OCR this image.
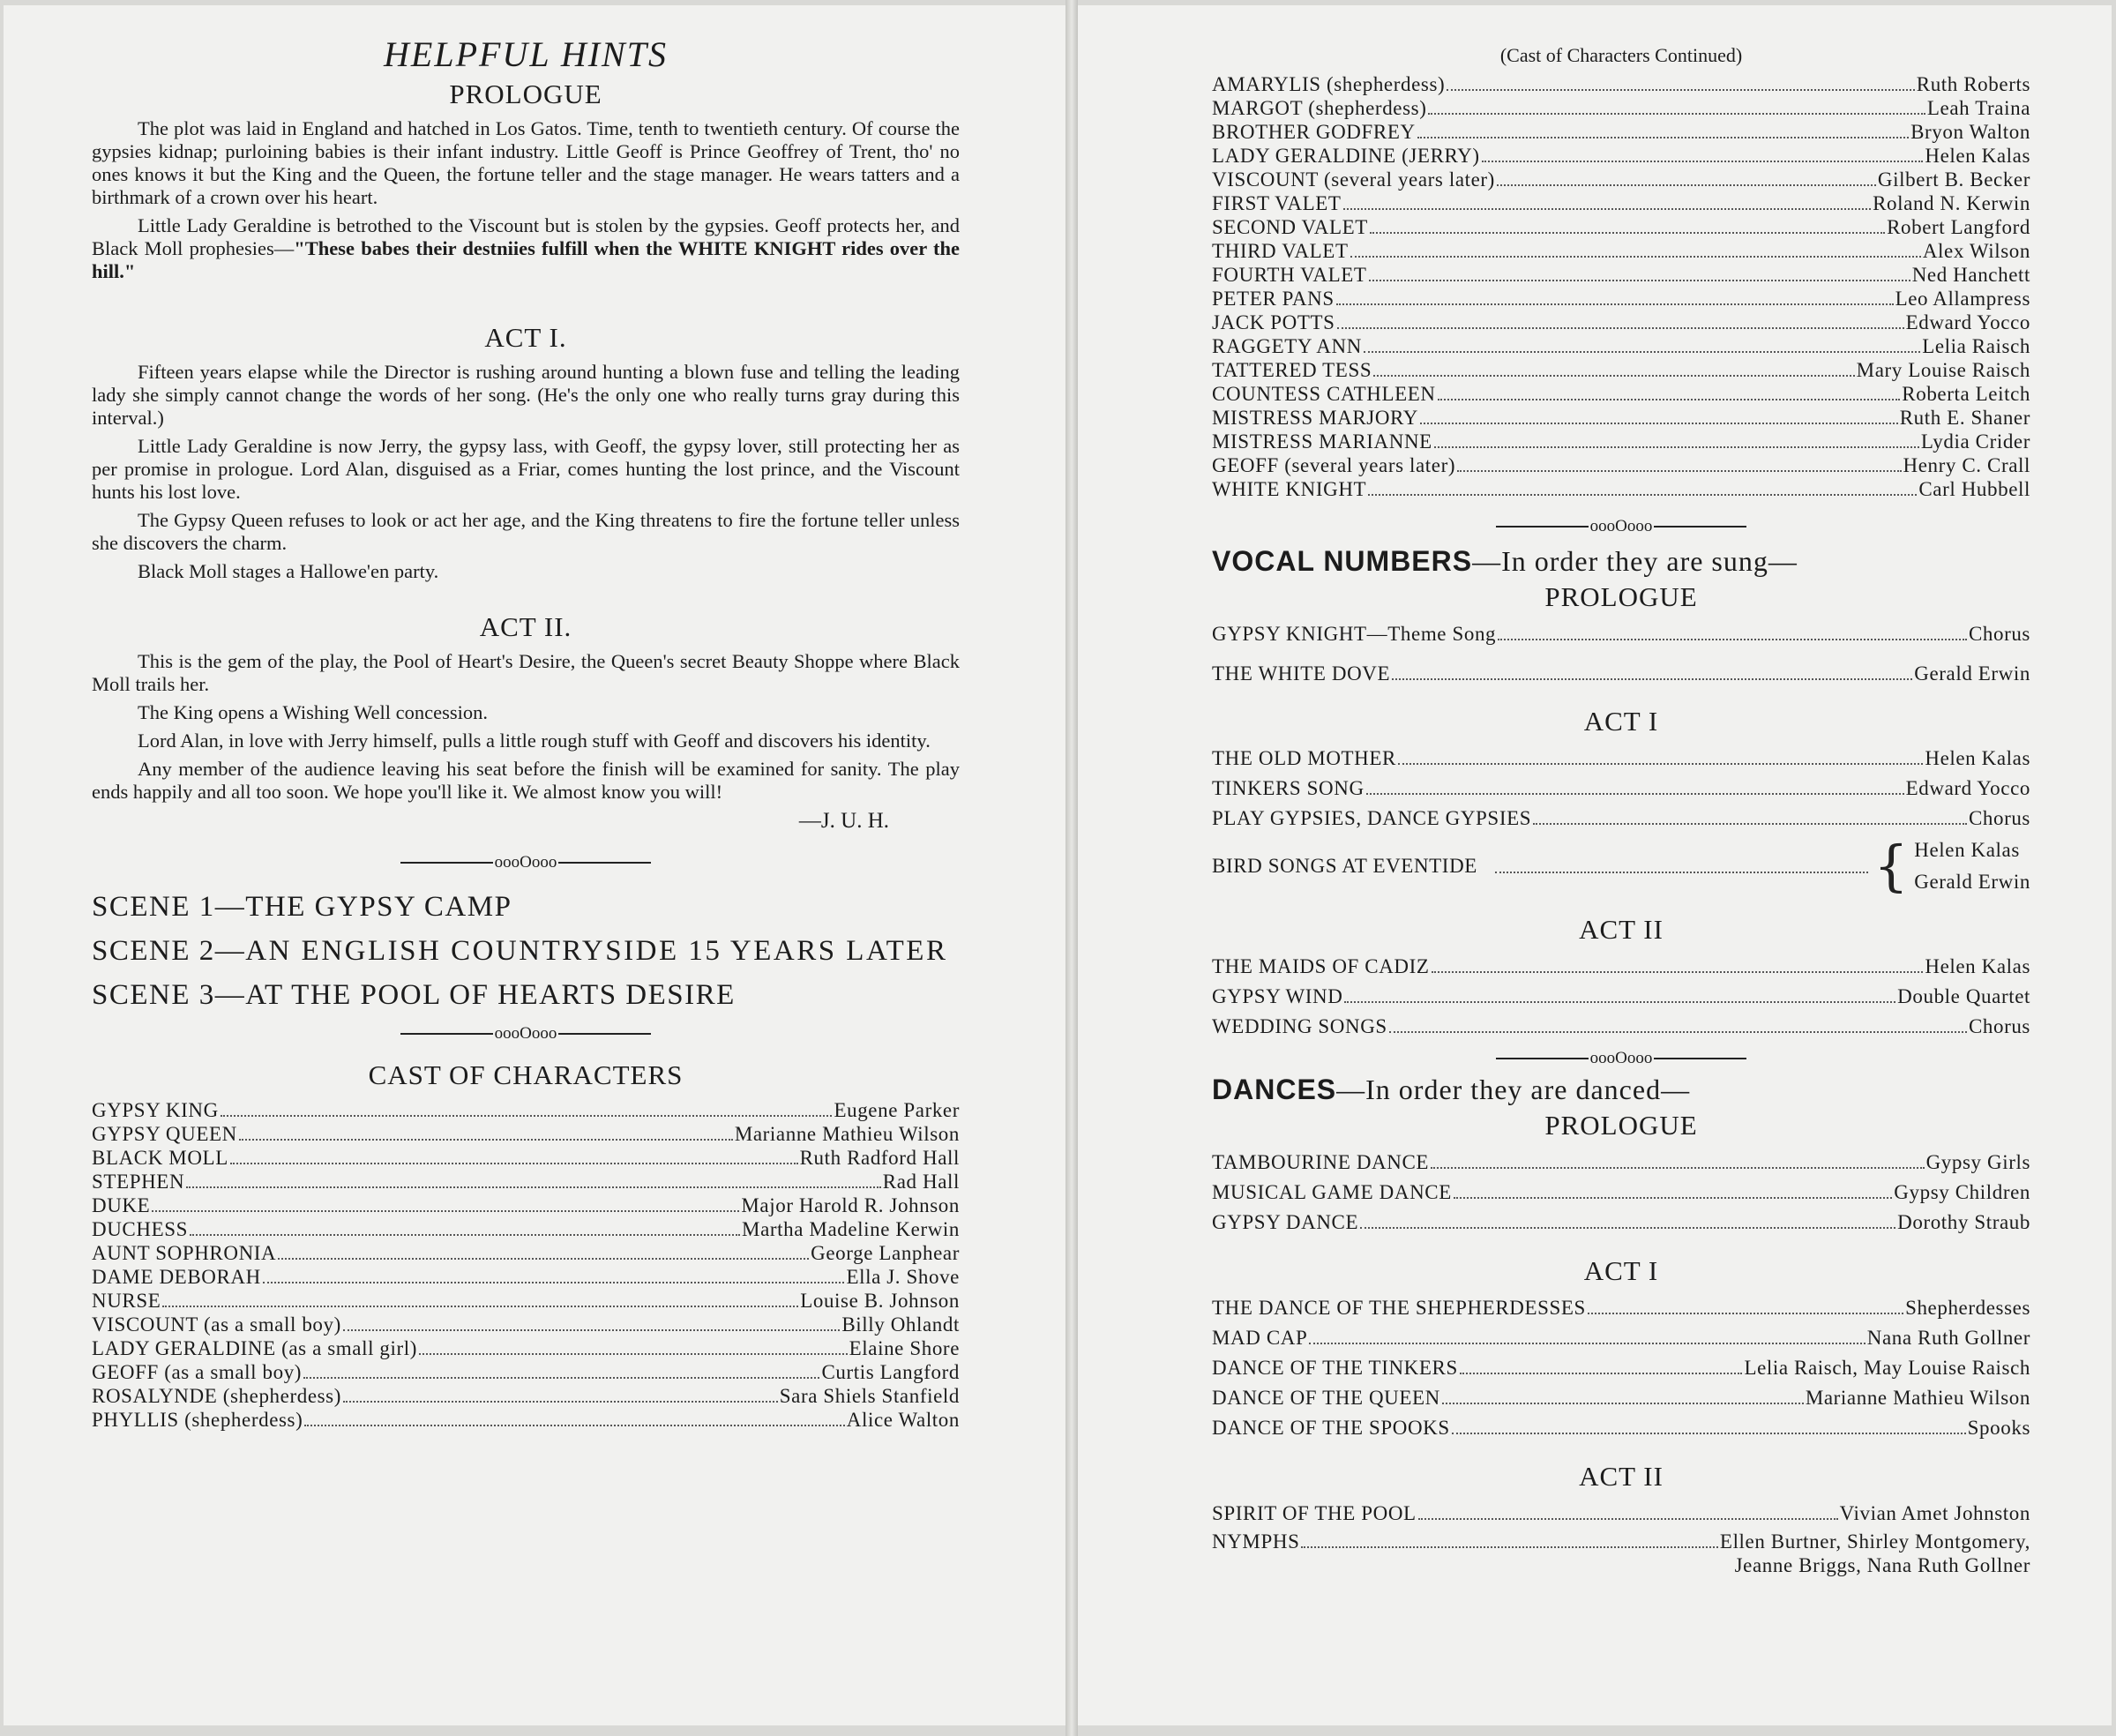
HELPFUL HINTS
PROLOGUE

The plot was laid in England and hatched in Los Gatos. Time, tenth to twentieth century. Of course the gypsies kidnap; purloining babies is their infant industry. Little Geoff is Prince Geoffrey of Trent, tho' no ones knows it but the King and the Queen, the fortune teller and the stage manager. He wears tatters and a birthmark of a crown over his heart.

Little Lady Geraldine is betrothed to the Viscount but is stolen by the gypsies. Geoff protects her, and Black Moll prophesies—"These babes their destniies fulfill when the WHITE KNIGHT rides over the hill."

ACT I.

Fifteen years elapse while the Director is rushing around hunting a blown fuse and telling the leading lady she simply cannot change the words of her song. (He's the only one who really turns gray during this interval.)

Little Lady Geraldine is now Jerry, the gypsy lass, with Geoff, the gypsy lover, still protecting her as per promise in prologue. Lord Alan, disguised as a Friar, comes hunting the lost prince, and the Viscount hunts his lost love.

The Gypsy Queen refuses to look or act her age, and the King threatens to fire the fortune teller unless she discovers the charm.

Black Moll stages a Hallowe'en party.

ACT II.

This is the gem of the play, the Pool of Heart's Desire, the Queen's secret Beauty Shoppe where Black Moll trails her.

The King opens a Wishing Well concession.

Lord Alan, in love with Jerry himself, pulls a little rough stuff with Geoff and discovers his identity.

Any member of the audience leaving his seat before the finish will be examined for sanity. The play ends happily and all too soon. We hope you'll like it. We almost know you will!

—J. U. H.
oooOooo
SCENE 1— THE GYPSY CAMP
SCENE 2— AN ENGLISH COUNTRYSIDE 15 YEARS LATER
SCENE 3— AT THE POOL OF HEARTS DESIRE
oooOooo
CAST OF CHARACTERS
GYPSY KING	Eugene Parker
GYPSY QUEEN	Marianne Mathieu Wilson
BLACK MOLL	Ruth Radford Hall
STEPHEN	Rad Hall
DUKE	Major Harold R. Johnson
DUCHESS	Martha Madeline Kerwin
AUNT SOPHRONIA	George Lanphear
DAME DEBORAH	Ella J. Shove
NURSE	Louise B. Johnson
VISCOUNT (as a small boy)	Billy Ohlandt
LADY GERALDINE (as a small girl)	Elaine Shore
GEOFF (as a small boy)	Curtis Langford
ROSALYNDE (shepherdess)	Sara Shiels Stanfield
PHYLLIS (shepherdess)	Alice Walton
(Cast of Characters Continued)
AMARYLIS (shepherdess)	Ruth Roberts
MARGOT (shepherdess)	Leah Traina
BROTHER GODFREY	Bryon Walton
LADY GERALDINE (JERRY)	Helen Kalas
VISCOUNT (several years later)	Gilbert B. Becker
FIRST VALET	Roland N. Kerwin
SECOND VALET	Robert Langford
THIRD VALET	Alex Wilson
FOURTH VALET	Ned Hanchett
PETER PANS	Leo Allampress
JACK POTTS	Edward Yocco
RAGGETY ANN	Lelia Raisch
TATTERED TESS	Mary Louise Raisch
COUNTESS CATHLEEN	Roberta Leitch
MISTRESS MARJORY	Ruth E. Shaner
MISTRESS MARIANNE	Lydia Crider
GEOFF (several years later)	Henry C. Crall
WHITE KNIGHT	Carl Hubbell
oooOooo
VOCAL NUMBERS—In order they are sung—
PROLOGUE
GYPSY KNIGHT—Theme Song	Chorus
THE WHITE DOVE	Gerald Erwin
ACT I
THE OLD MOTHER	Helen Kalas
TINKERS SONG	Edward Yocco
PLAY GYPSIES, DANCE GYPSIES	Chorus
BIRD SONGS AT EVENTIDE	{ Helen Kalas
Gerald Erwin
ACT II
THE MAIDS OF CADIZ	Helen Kalas
GYPSY WIND	Double Quartet
WEDDING SONGS	Chorus
oooOooo
DANCES—In order they are danced—
PROLOGUE
TAMBOURINE DANCE	Gypsy Girls
MUSICAL GAME DANCE	Gypsy Children
GYPSY DANCE	Dorothy Straub
ACT I
THE DANCE OF THE SHEPHERDESSES	Shepherdesses
MAD CAP	Nana Ruth Gollner
DANCE OF THE TINKERS	Lelia Raisch, May Louise Raisch
DANCE OF THE QUEEN	Marianne Mathieu Wilson
DANCE OF THE SPOOKS	Spooks
ACT II
SPIRIT OF THE POOL	Vivian Amet Johnston
NYMPHS	Ellen Burtner, Shirley Montgomery,
Jeanne Briggs, Nana Ruth Gollner
